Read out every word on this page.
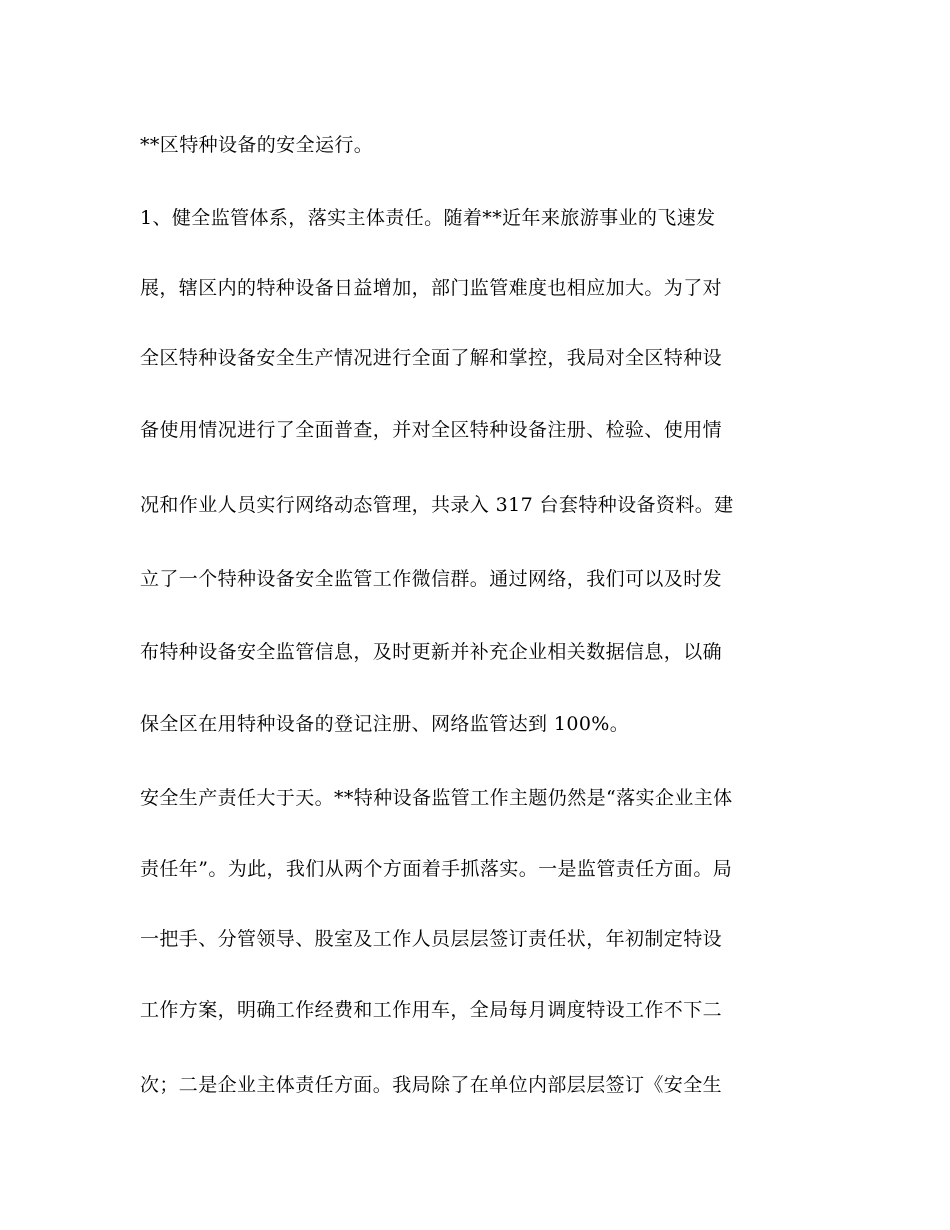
**区特种设备的安全运行。
1、健全监管体系，落实主体责任。随着**近年来旅游事业的飞速发
展，辖区内的特种设备日益增加，部门监管难度也相应加大。为了对
全区特种设备安全生产情况进行全面了解和掌控，我局对全区特种设
备使用情况进行了全面普查，并对全区特种设备注册、检验、使用情
况和作业人员实行网络动态管理，共录入 317 台套特种设备资料。建
立了一个特种设备安全监管工作微信群。通过网络，我们可以及时发
布特种设备安全监管信息，及时更新并补充企业相关数据信息，以确
保全区在用特种设备的登记注册、网络监管达到 100%。
安全生产责任大于天。**特种设备监管工作主题仍然是“落实企业主体
责任年”。为此，我们从两个方面着手抓落实。一是监管责任方面。局
一把手、分管领导、股室及工作人员层层签订责任状，年初制定特设
工作方案，明确工作经费和工作用车，全局每月调度特设工作不下二
次；二是企业主体责任方面。我局除了在单位内部层层签订《安全生
